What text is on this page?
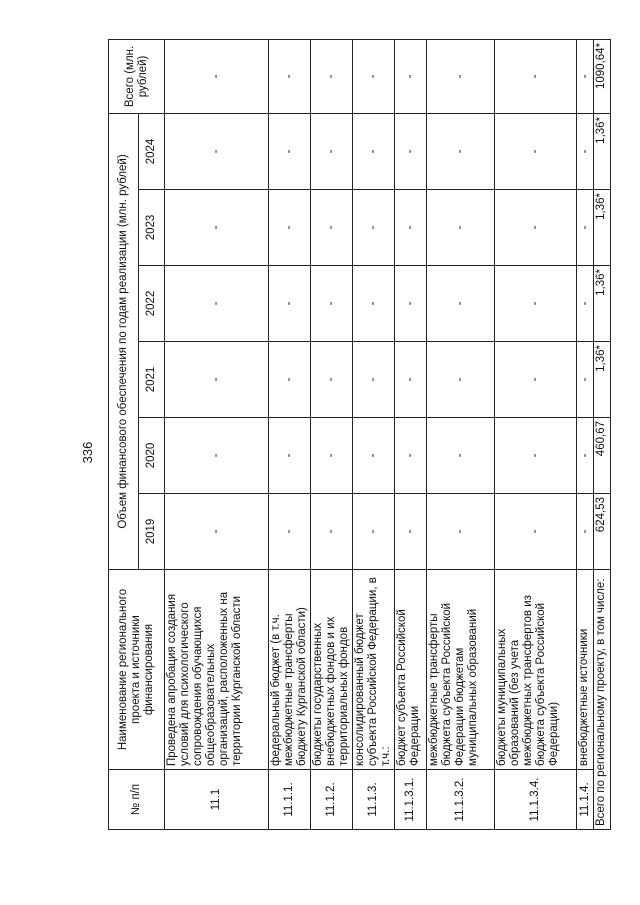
336
№ п/п	Наименование регионального проекта и источники финансирования	Объем финансового обеспечения по годам реализации (млн. рублей)						Всего (млн. рублей)
		2019	2020	2021	2022	2023	2024	
11.1	Проведена апробация создания условий для психологического сопровождения обучающихся общеобразовательных организаций, расположенных на территории Курганской области	-	-	-	-	-	-	-
11.1.1.	федеральный бюджет (в т.ч. межбюджетные трансферты бюджету Курганской области)	-	-	-	-	-	-	-
11.1.2.	бюджеты государственных внебюджетных фондов и их территориальных фондов	-	-	-	-	-	-	-
11.1.3.	консолидированный бюджет субъекта Российской Федерации, в т.ч.:	-	-	-	-	-	-	-
11.1.3.1.	бюджет субъекта Российской Федерации	-	-	-	-	-	-	-
11.1.3.2.	межбюджетные трансферты бюджета субъекта Российской Федерации бюджетам муниципальных образований	-	-	-	-	-	-	-
11.1.3.4.	бюджеты муниципальных образований (без учета межбюджетных трансфертов из бюджета субъекта Российской Федерации)	-	-	-	-	-	-	-
11.1.4.	внебюджетные источники	-	-	-	-	-	-	-
Всего по региональному проекту, в том числе:		624,53	460,67	1,36*	1,36*	1,36*	1,36*	1090,64*
